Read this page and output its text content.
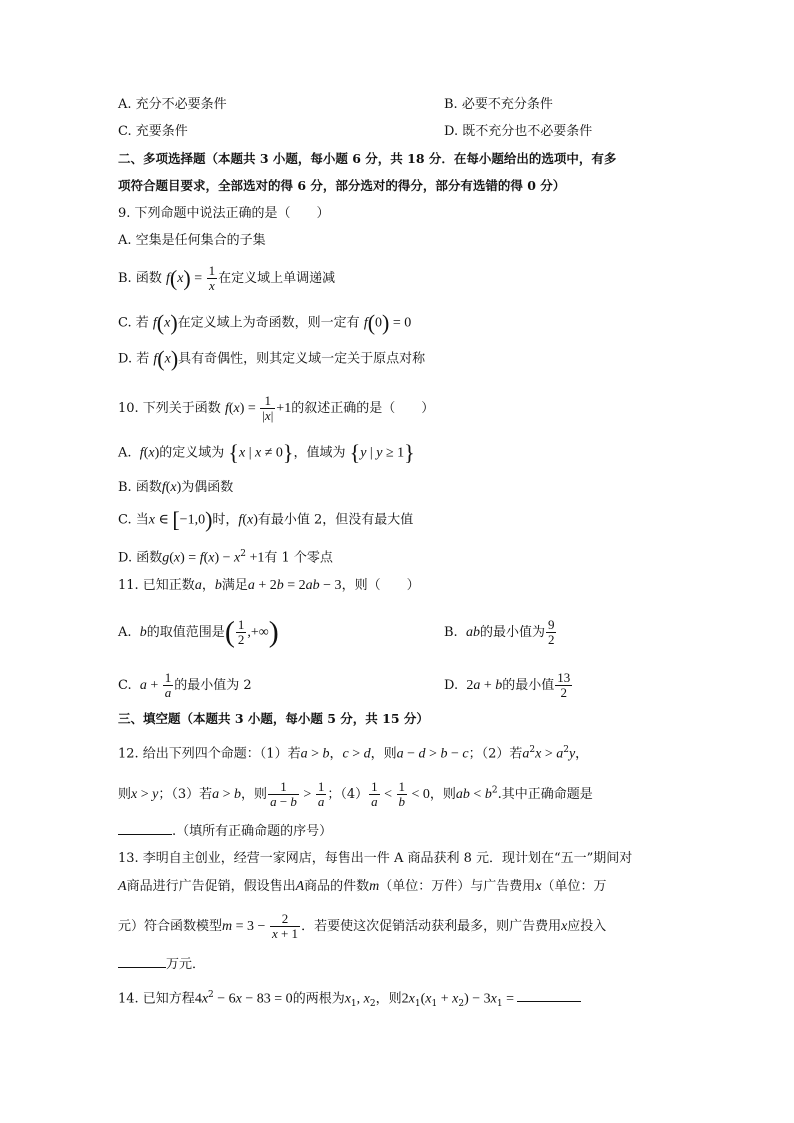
A. 充分不必要条件	B. 必要不充分条件
C. 充要条件	D. 既不充分也不必要条件
二、多项选择题（本题共 3 小题，每小题 6 分，共 18 分．在每小题给出的选项中，有多
项符合题目要求，全部选对的得 6 分，部分选对的得分，部分有选错的得 0 分）
9. 下列命题中说法正确的是（　　）
A. 空集是任何集合的子集
B. 函数 $f(x) = \frac{1}{x}$ 在定义域上单调递减
C. 若 f(x)在定义域上为奇函数，则一定有 f(0) = 0
D. 若 f(x)具有奇偶性，则其定义域一定关于原点对称
10. 下列关于函数 $f(x) = \frac{1}{|x|} +1$的叙述正确的是（　　）
A.  f(x)的定义域为 {x | x ≠ 0}，值域为 {y | y ≥ 1}
B. 函数f(x)为偶函数
C. 当x ∈ [−1,0)时，f(x)有最小值 2，但没有最大值
D. 函数$g(x) = f(x) - x^2 +1$有 1 个零点
11. 已知正数a，b满足a + 2b = 2ab − 3，则（　　）
A.  b的取值范围是( $\frac{1}{2}$ ,+∞)	B.  ab的最小值为 $\frac{9}{2}$
C.  $a + \frac{1}{a}$ 的最小值为 2	D.  2a + b的最小值 $\frac{13}{2}$
三、填空题（本题共 3 小题，每小题 5 分，共 15 分）
12. 给出下列四个命题：（1）若a > b，c > d，则a − d > b − c；（2）若$a^2x > a^2y$，
则x > y；（3）若a > b，则 $\frac{1}{a - b} > \frac{1}{a}$ ；$(4) \frac{1}{a} < \frac{1}{b} < 0$，则ab < $b^2$.其中正确命题是
.（填所有正确命题的序号）
13. 李明自主创业，经营一家网店，每售出一件 A 商品获利 8 元．现计划在“五一”期间对
A商品进行广告促销，假设售出A商品的件数m（单位：万件）与广告费用x（单位：万
元）符合函数模型$m = 3 - \frac{2}{x + 1}$ ．若要使这次促销活动获利最多，则广告费用x应投入
万元．
14. 已知方程$4x^2 - 6x - 83 = 0$的两根为$x_1$, $x_2$，则$2x_1(x_1 + x_2) - 3x_1$ =
